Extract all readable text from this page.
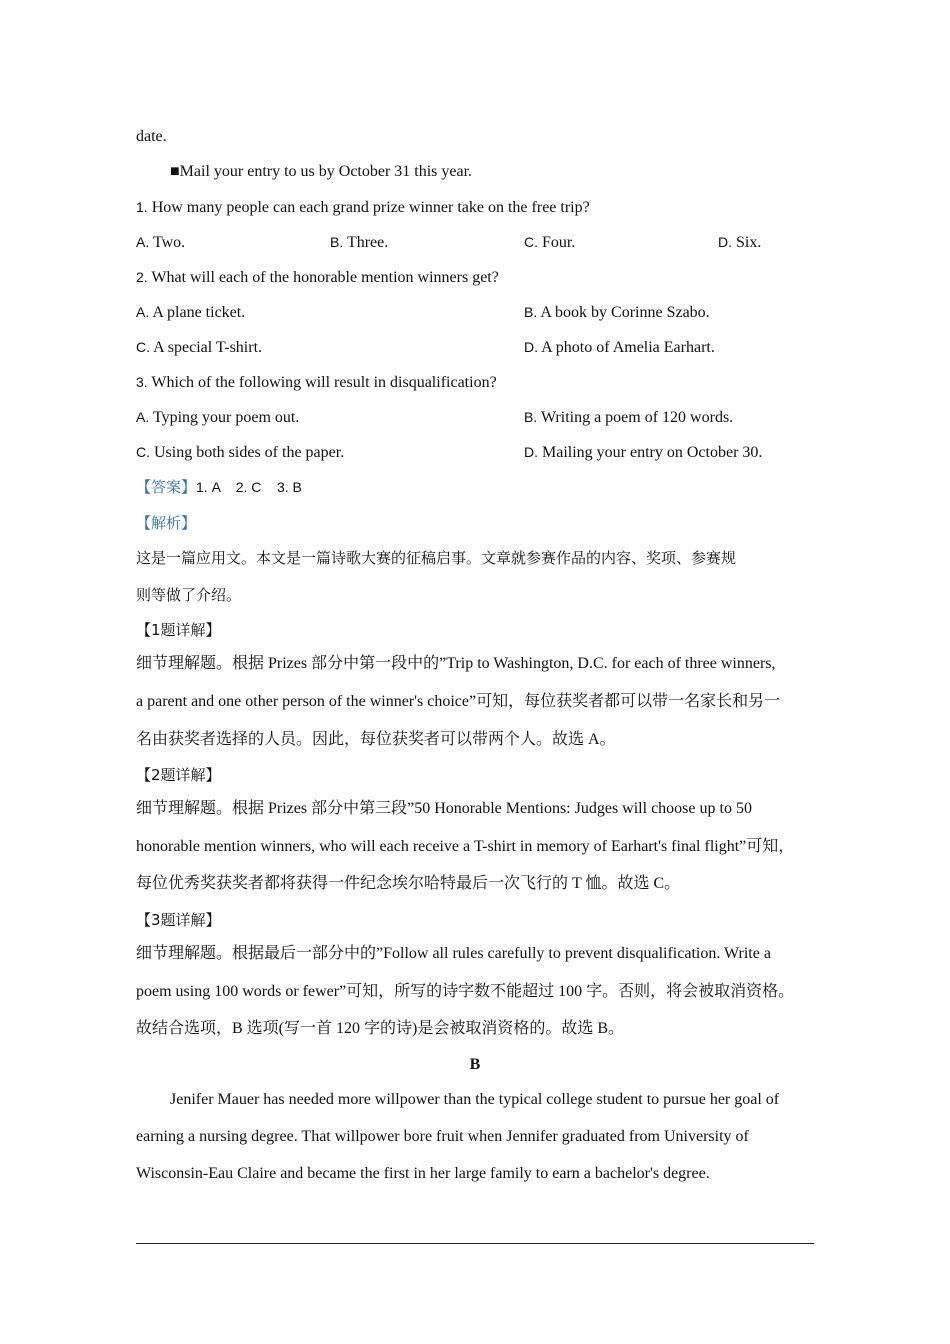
date.
■Mail your entry to us by October 31 this year.
1. How many people can each grand prize winner take on the free trip?
A. Two.	B. Three.	C. Four.	D. Six.
2. What will each of the honorable mention winners get?
A. A plane ticket.	B. A book by Corinne Szabo.
C. A special T-shirt.	D. A photo of Amelia Earhart.
3. Which of the following will result in disqualification?
A. Typing your poem out.	B. Writing a poem of 120 words.
C. Using both sides of the paper.	D. Mailing your entry on October 30.
【答案】1. A    2. C    3. B
【解析】
这是一篇应用文。本文是一篇诗歌大赛的征稿启事。文章就参赛作品的内容、奖项、参赛规
则等做了介绍。
【1题详解】
细节理解题。根据 Prizes 部分中第一段中的”Trip to Washington, D.C. for each of three winners,
a parent and one other person of the winner's choice”可知，每位获奖者都可以带一名家长和另一
名由获奖者选择的人员。因此，每位获奖者可以带两个人。故选 A。
【2题详解】
细节理解题。根据 Prizes 部分中第三段”50 Honorable Mentions: Judges will choose up to 50
honorable mention winners, who will each receive a T-shirt in memory of Earhart's final flight”可知，
每位优秀奖获奖者都将获得一件纪念埃尔哈特最后一次飞行的 T 恤。故选 C。
【3题详解】
细节理解题。根据最后一部分中的”Follow all rules carefully to prevent disqualification. Write a
poem using 100 words or fewer”可知，所写的诗字数不能超过 100 字。否则，将会被取消资格。
故结合选项，B 选项(写一首 120 字的诗)是会被取消资格的。故选 B。
B
Jenifer Mauer has needed more willpower than the typical college student to pursue her goal of
earning a nursing degree. That willpower bore fruit when Jennifer graduated from University of
Wisconsin-Eau Claire and became the first in her large family to earn a bachelor's degree.
